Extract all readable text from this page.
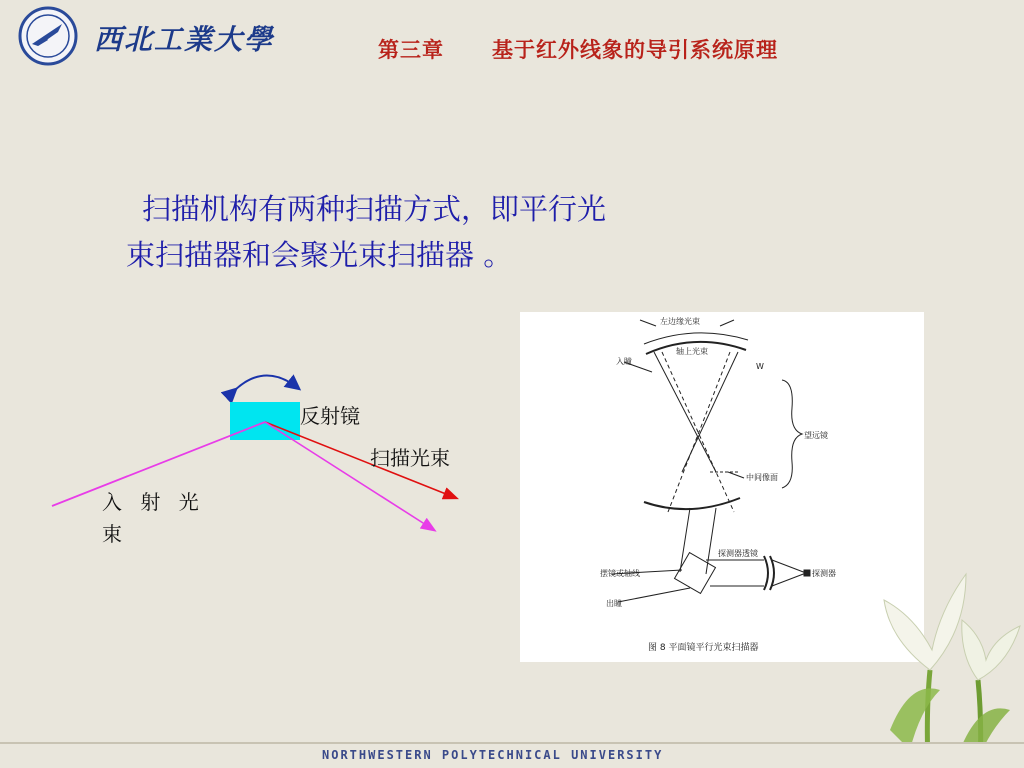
西北工業大學	第三章 基于红外线象的导引系统原理
扫描机构有两种扫描方式，即平行光
束扫描器和会聚光束扫描器 。
反射镜
扫描光束
入 射 光
束
左边缘光束
轴上光束
入瞳
W
望远镜
中间像面
探测器透镜
摆镜或轴线	探测器
出瞳
图 8 平面镜平行光束扫描器
NORTHWESTERN POLYTECHNICAL UNIVERSITY
